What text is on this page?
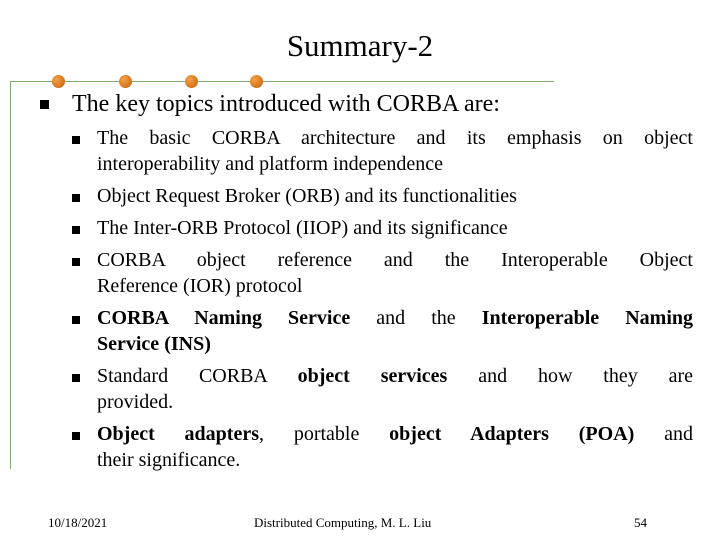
Summary-2
The key topics introduced with CORBA are:
The basic CORBA architecture and its emphasis on object
interoperability and platform independence
Object Request Broker (ORB) and its functionalities
The Inter-ORB Protocol (IIOP) and its significance
CORBA object reference and the Interoperable Object
Reference (IOR) protocol
CORBA Naming Service and the Interoperable Naming
Service (INS)
Standard CORBA object services and how they are
provided.
Object adapters, portable object Adapters (POA) and
their significance.
10/18/2021	Distributed Computing, M. L. Liu	54
